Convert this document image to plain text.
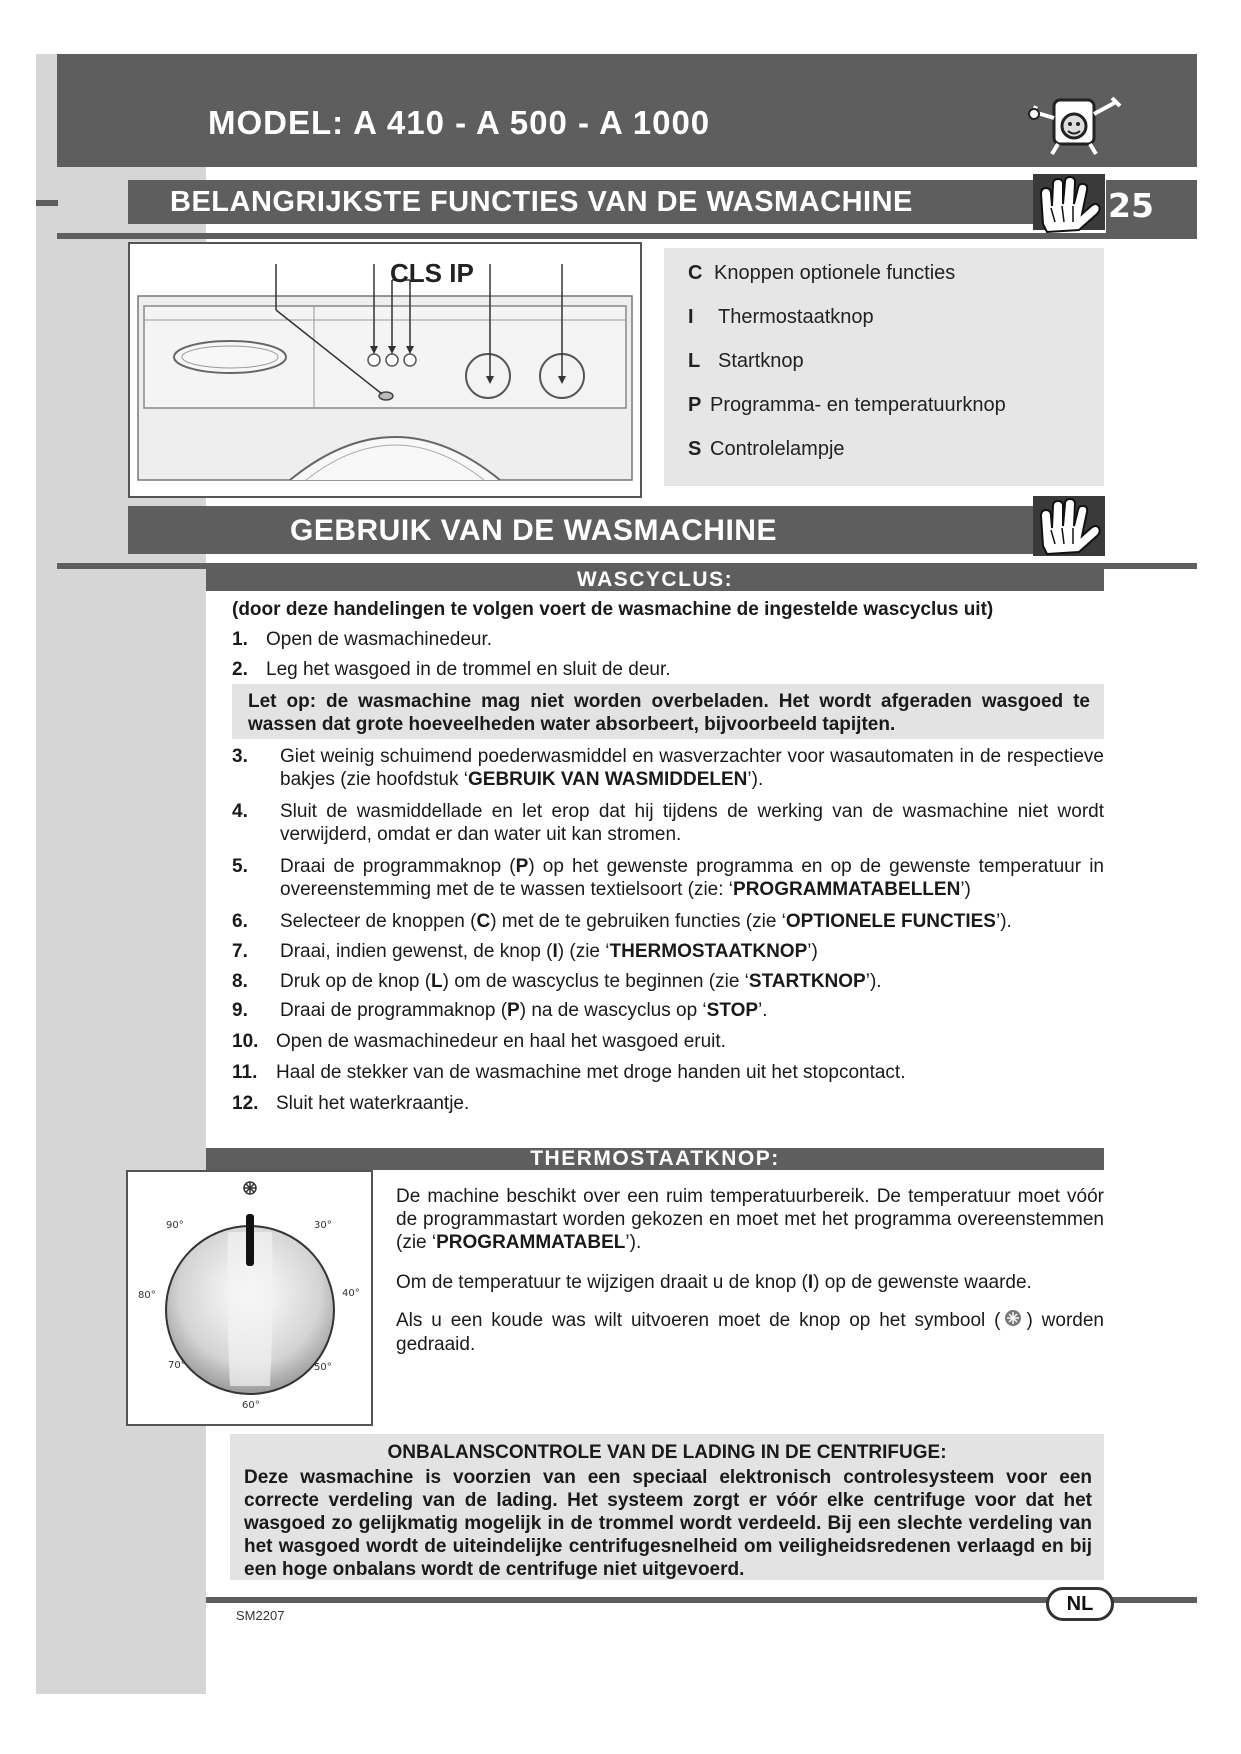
MODEL: A 410 - A 500 - A 1000
BELANGRIJKSTE FUNCTIES VAN DE WASMACHINE	25
CLS IP	C Knoppen optionele functies
I Thermostaatknop
L Startknop
P Programma- en temperatuurknop
S Controlelampje
GEBRUIK VAN DE WASMACHINE
WASCYCLUS:
(door deze handelingen te volgen voert de wasmachine de ingestelde wascyclus uit)
1. Open de wasmachinedeur.
2. Leg het wasgoed in de trommel en sluit de deur.
Let op: de wasmachine mag niet worden overbeladen. Het wordt afgeraden wasgoed te wassen dat grote hoeveelheden water absorbeert, bijvoorbeeld tapijten.
3. Giet weinig schuimend poederwasmiddel en wasverzachter voor wasautomaten in de respectieve bakjes (zie hoofdstuk ‘GEBRUIK VAN WASMIDDELEN’).
4. Sluit de wasmiddellade en let erop dat hij tijdens de werking van de wasmachine niet wordt verwijderd, omdat er dan water uit kan stromen.
5. Draai de programmaknop (P) op het gewenste programma en op de gewenste temperatuur in overeenstemming met de te wassen textielsoort (zie: ‘PROGRAMMATABELLEN’)
6. Selecteer de knoppen (C) met de te gebruiken functies (zie ‘OPTIONELE FUNCTIES’).
7. Draai, indien gewenst, de knop (I) (zie ‘THERMOSTAATKNOP’)
8. Druk op de knop (L) om de wascyclus te beginnen (zie ‘STARTKNOP’).
9. Draai de programmaknop (P) na de wascyclus op ‘STOP’.
10. Open de wasmachinedeur en haal het wasgoed eruit.
11. Haal de stekker van de wasmachine met droge handen uit het stopcontact.
12. Sluit het waterkraantje.
THERMOSTAATKNOP:
90°	30°
80°	40°
70°	50°
60°
De machine beschikt over een ruim temperatuurbereik. De temperatuur moet vóór de programmastart worden gekozen en moet met het programma overeenstemmen (zie ‘PROGRAMMATABEL’).
Om de temperatuur te wijzigen draait u de knop (I) op de gewenste waarde.
Als u een koude was wilt uitvoeren moet de knop op het symbool ( ) worden gedraaid.
ONBALANSCONTROLE VAN DE LADING IN DE CENTRIFUGE:
Deze wasmachine is voorzien van een speciaal elektronisch controlesysteem voor een correcte verdeling van de lading. Het systeem zorgt er vóór elke centrifuge voor dat het wasgoed zo gelijkmatig mogelijk in de trommel wordt verdeeld. Bij een slechte verdeling van het wasgoed wordt de uiteindelijke centrifugesnelheid om veiligheidsredenen verlaagd en bij een hoge onbalans wordt de centrifuge niet uitgevoerd.
NL
SM2207
